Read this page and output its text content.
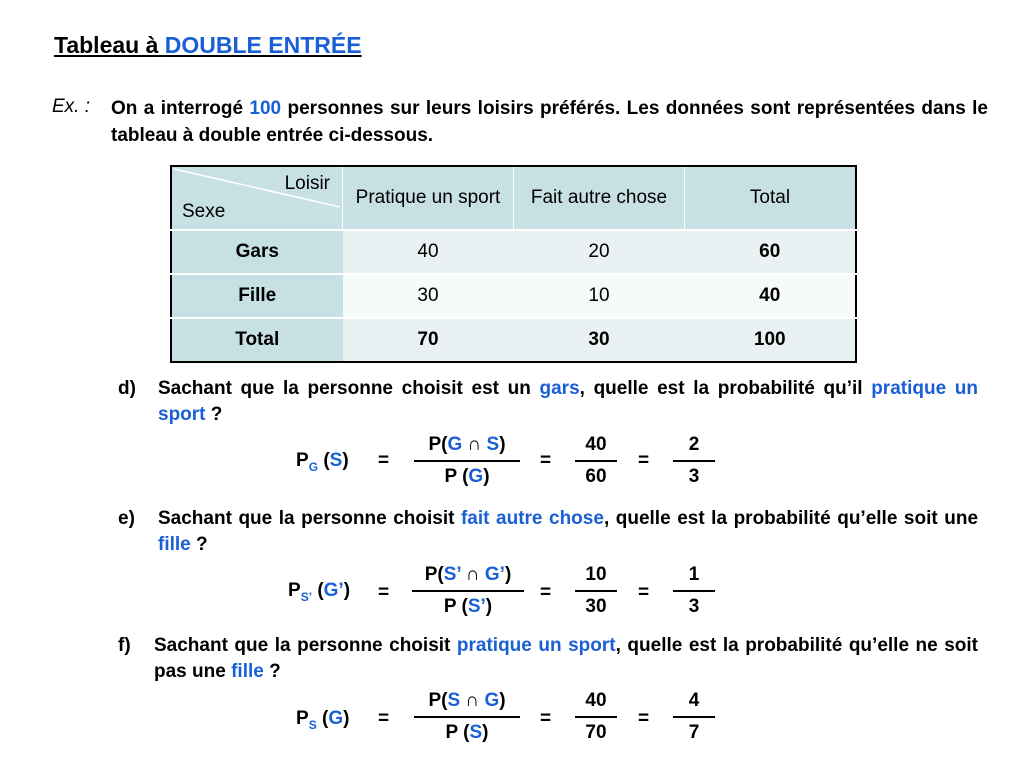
Tableau à DOUBLE ENTRÉE
Ex. : On a interrogé 100 personnes sur leurs loisirs préférés. Les données sont représentées dans le tableau à double entrée ci-dessous.
Loisir
Sexe	Pratique un sport	Fait autre chose	Total
Gars	40	20	60
Fille	30	10	40
Total	70	30	100
d) Sachant que la personne choisit est un gars, quelle est la probabilité qu’il pratique un sport ?
$P_G$ (S) =
P(G ∩ S)
P (G)
=
40
60
=
2
3
e) Sachant que la personne choisit fait autre chose, quelle est la probabilité qu’elle soit une fille ?
$P_{S’}$ (G’) =
P(S’ ∩ G’)
P (S’)
=
10
30
=
1
3
f) Sachant que la personne choisit pratique un sport, quelle est la probabilité qu’elle ne soit pas une fille ?
$P_S$ (G) =
P(S ∩ G)
P (S)
=
40
70
=
4
7
